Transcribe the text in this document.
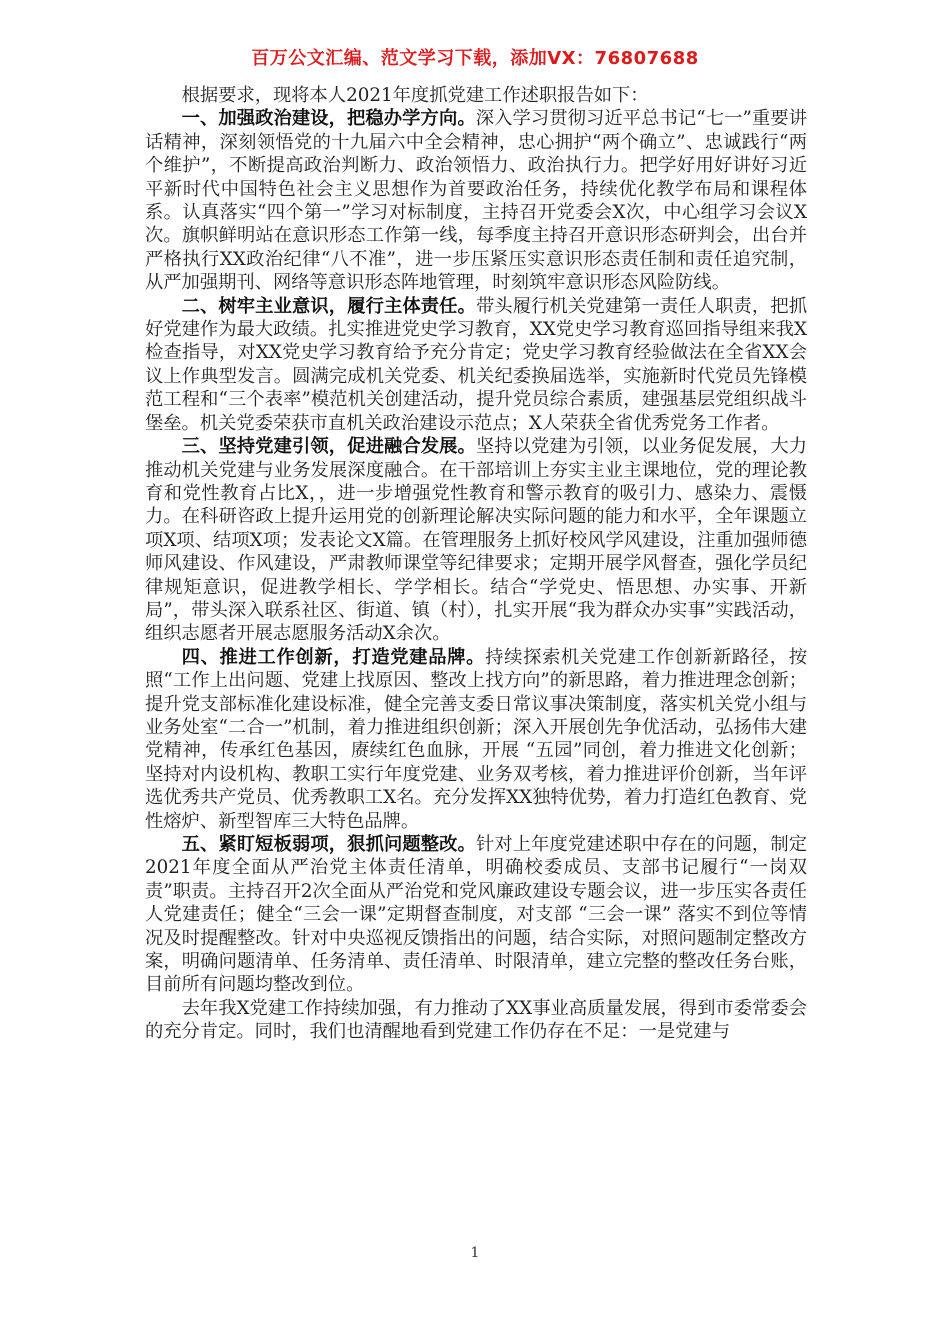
百万公文汇编、范文学习下载，添加VX：76807688

根据要求，现将本人2021年度抓党建工作述职报告如下：

一、加强政治建设，把稳办学方向。深入学习贯彻习近平总书记“七一”重要讲话精神，深刻领悟党的十九届六中全会精神，忠心拥护“两个确立”、忠诚践行“两个维护”，不断提高政治判断力、政治领悟力、政治执行力。把学好用好讲好习近平新时代中国特色社会主义思想作为首要政治任务，持续优化教学布局和课程体系。认真落实“四个第一”学习对标制度，主持召开党委会X次，中心组学习会议X次。旗帜鲜明站在意识形态工作第一线，每季度主持召开意识形态研判会，出台并严格执行XX政治纪律“八不准”，进一步压紧压实意识形态责任制和责任追究制，从严加强期刊、网络等意识形态阵地管理，时刻筑牢意识形态风险防线。

二、树牢主业意识，履行主体责任。带头履行机关党建第一责任人职责，把抓好党建作为最大政绩。扎实推进党史学习教育，XX党史学习教育巡回指导组来我X检查指导，对XX党史学习教育给予充分肯定；党史学习教育经验做法在全省XX会议上作典型发言。圆满完成机关党委、机关纪委换届选举，实施新时代党员先锋模范工程和“三个表率”模范机关创建活动，提升党员综合素质，建强基层党组织战斗堡垒。机关党委荣获市直机关政治建设示范点；X人荣获全省优秀党务工作者。

三、坚持党建引领，促进融合发展。坚持以党建为引领，以业务促发展，大力推动机关党建与业务发展深度融合。在干部培训上夯实主业主课地位，党的理论教育和党性教育占比X，，进一步增强党性教育和警示教育的吸引力、感染力、震慑力。在科研咨政上提升运用党的创新理论解决实际问题的能力和水平，全年课题立项X项、结项X项；发表论文X篇。在管理服务上抓好校风学风建设，注重加强师德师风建设、作风建设，严肃教师课堂等纪律要求；定期开展学风督查，强化学员纪律规矩意识，促进教学相长、学学相长。结合“学党史、悟思想、办实事、开新局”，带头深入联系社区、街道、镇（村），扎实开展“我为群众办实事”实践活动，组织志愿者开展志愿服务活动X余次。

四、推进工作创新，打造党建品牌。持续探索机关党建工作创新新路径，按照“工作上出问题、党建上找原因、整改上找方向”的新思路，着力推进理念创新；提升党支部标准化建设标准，健全完善支委日常议事决策制度，落实机关党小组与业务处室“二合一”机制，着力推进组织创新；深入开展创先争优活动，弘扬伟大建党精神，传承红色基因，赓续红色血脉，开展 “五园”同创，着力推进文化创新；坚持对内设机构、教职工实行年度党建、业务双考核，着力推进评价创新，当年评选优秀共产党员、优秀教职工X名。充分发挥XX独特优势，着力打造红色教育、党性熔炉、新型智库三大特色品牌。

五、紧盯短板弱项，狠抓问题整改。针对上年度党建述职中存在的问题，制定2021年度全面从严治党主体责任清单，明确校委成员、支部书记履行“一岗双责”职责。主持召开2次全面从严治党和党风廉政建设专题会议，进一步压实各责任人党建责任；健全“三会一课”定期督查制度，对支部 “三会一课” 落实不到位等情况及时提醒整改。针对中央巡视反馈指出的问题，结合实际，对照问题制定整改方案，明确问题清单、任务清单、责任清单、时限清单，建立完整的整改任务台账，目前所有问题均整改到位。

去年我X党建工作持续加强，有力推动了XX事业高质量发展，得到市委常委会的充分肯定。同时，我们也清醒地看到党建工作仍存在不足：一是党建与

1
